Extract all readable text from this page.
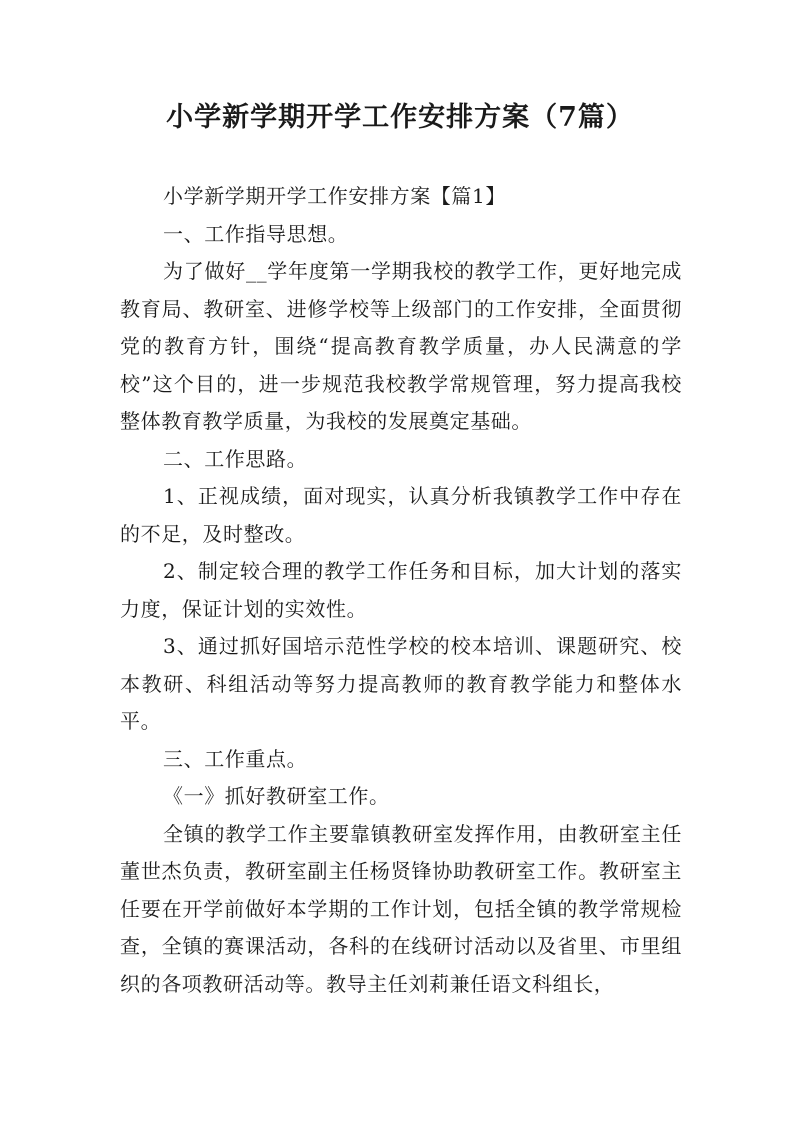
小学新学期开学工作安排方案（7篇）

小学新学期开学工作安排方案【篇1】

一、工作指导思想。

为了做好__学年度第一学期我校的教学工作，更好地完成教育局、教研室、进修学校等上级部门的工作安排，全面贯彻党的教育方针，围绕“提高教育教学质量，办人民满意的学校”这个目的，进一步规范我校教学常规管理，努力提高我校整体教育教学质量，为我校的发展奠定基础。

二、工作思路。

1、正视成绩，面对现实，认真分析我镇教学工作中存在的不足，及时整改。

2、制定较合理的教学工作任务和目标，加大计划的落实力度，保证计划的实效性。

3、通过抓好国培示范性学校的校本培训、课题研究、校本教研、科组活动等努力提高教师的教育教学能力和整体水平。

三、工作重点。

《一》抓好教研室工作。

全镇的教学工作主要靠镇教研室发挥作用，由教研室主任董世杰负责，教研室副主任杨贤锋协助教研室工作。教研室主任要在开学前做好本学期的工作计划，包括全镇的教学常规检查，全镇的赛课活动，各科的在线研讨活动以及省里、市里组织的各项教研活动等。教导主任刘莉兼任语文科组长，
